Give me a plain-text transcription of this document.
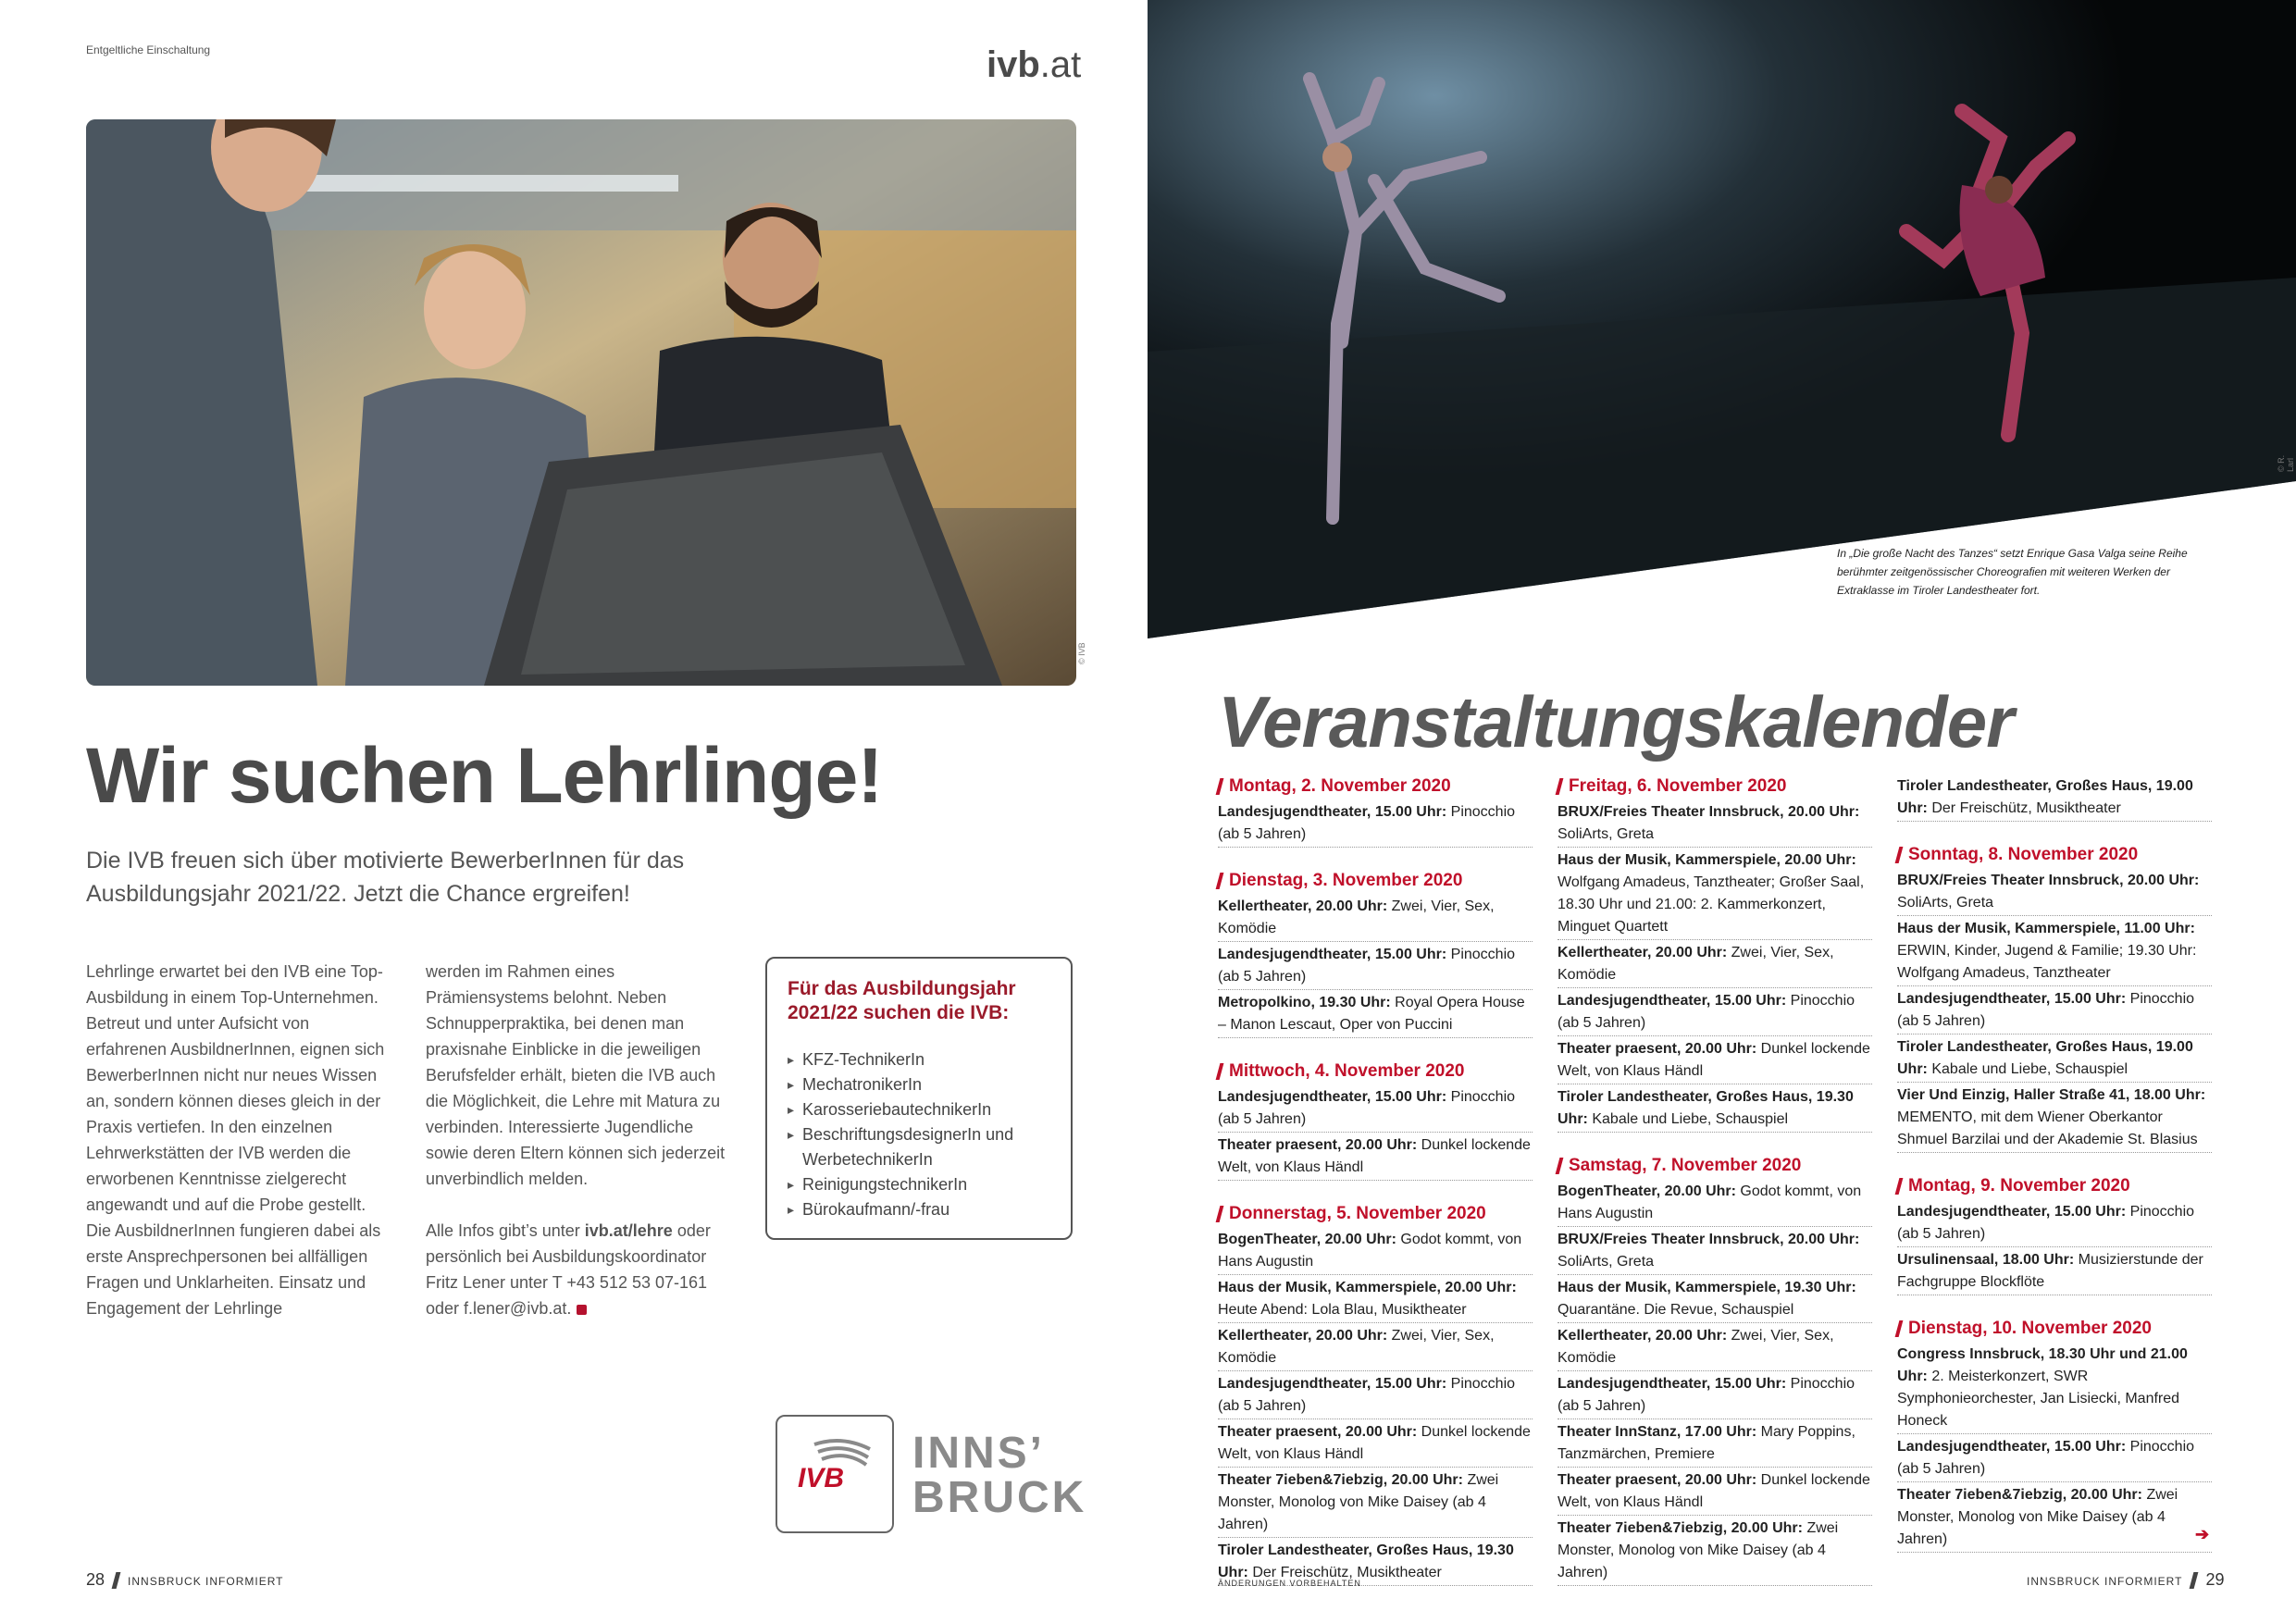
Entgeltliche Einschaltung	ivb.at
© IVB
Wir suchen Lehrlinge!
Die IVB freuen sich über motivierte BewerberInnen für das Ausbildungsjahr 2021/22. Jetzt die Chance ergreifen!

Lehrlinge erwartet bei den IVB eine Top-Ausbildung in einem Top-Unternehmen. Betreut und unter Aufsicht von erfahrenen AusbildnerInnen, eignen sich BewerberInnen nicht nur neues Wissen an, sondern können dieses gleich in der Praxis vertiefen. In den einzelnen Lehrwerkstätten der IVB werden die erworbenen Kenntnisse zielgerecht angewandt und auf die Probe gestellt. Die AusbildnerInnen fungieren dabei als erste Ansprechpersonen bei allfälligen Fragen und Unklarheiten. Einsatz und Engagement der Lehrlinge

werden im Rahmen eines Prämiensystems belohnt. Neben Schnupperpraktika, bei denen man praxisnahe Einblicke in die jeweiligen Berufsfelder erhält, bieten die IVB auch die Möglichkeit, die Lehre mit Matura zu verbinden. Interessierte Jugendliche sowie deren Eltern können sich jederzeit unverbindlich melden.

Alle Infos gibt’s unter ivb.at/lehre oder persönlich bei Ausbildungskoordinator Fritz Lener unter T +43 512 53 07-161 oder f.lener@ivb.at.

Für das Ausbildungsjahr 2021/22 suchen die IVB:
▸ KFZ-TechnikerIn
▸ MechatronikerIn
▸ KarosseriebautechnikerIn
▸ BeschriftungsdesignerIn und WerbetechnikerIn
▸ ReinigungstechnikerIn
▸ Bürokaufmann/-frau
IVB
INNS’
BRUCK
28 INNSBRUCK INFORMIERT
© R. Larl
In „Die große Nacht des Tanzes“ setzt Enrique Gasa Valga seine Reihe berühmter zeitgenössischer Choreografien mit weiteren Werken der Extraklasse im Tiroler Landestheater fort.
Veranstaltungskalender
Montag, 2. November 2020
Landesjugendtheater, 15.00 Uhr: Pinocchio (ab 5 Jahren)
Dienstag, 3. November 2020
Kellertheater, 20.00 Uhr: Zwei, Vier, Sex, Komödie
Landesjugendtheater, 15.00 Uhr: Pinocchio (ab 5 Jahren)
Metropolkino, 19.30 Uhr: Royal Opera House – Manon Lescaut, Oper von Puccini
Mittwoch, 4. November 2020
Landesjugendtheater, 15.00 Uhr: Pinocchio (ab 5 Jahren)
Theater praesent, 20.00 Uhr: Dunkel lockende Welt, von Klaus Händl
Donnerstag, 5. November 2020
BogenTheater, 20.00 Uhr: Godot kommt, von Hans Augustin
Haus der Musik, Kammerspiele, 20.00 Uhr: Heute Abend: Lola Blau, Musiktheater
Kellertheater, 20.00 Uhr: Zwei, Vier, Sex, Komödie
Landesjugendtheater, 15.00 Uhr: Pinocchio (ab 5 Jahren)
Theater praesent, 20.00 Uhr: Dunkel lockende Welt, von Klaus Händl
Theater 7ieben&7iebzig, 20.00 Uhr: Zwei Monster, Monolog von Mike Daisey (ab 4 Jahren)
Tiroler Landestheater, Großes Haus, 19.30 Uhr: Der Freischütz, Musiktheater
Freitag, 6. November 2020
BRUX/Freies Theater Innsbruck, 20.00 Uhr: SoliArts, Greta
Haus der Musik, Kammerspiele, 20.00 Uhr: Wolfgang Amadeus, Tanztheater; Großer Saal, 18.30 Uhr und 21.00: 2. Kammerkonzert, Minguet Quartett
Kellertheater, 20.00 Uhr: Zwei, Vier, Sex, Komödie
Landesjugendtheater, 15.00 Uhr: Pinocchio (ab 5 Jahren)
Theater praesent, 20.00 Uhr: Dunkel lockende Welt, von Klaus Händl
Tiroler Landestheater, Großes Haus, 19.30 Uhr: Kabale und Liebe, Schauspiel
Samstag, 7. November 2020
BogenTheater, 20.00 Uhr: Godot kommt, von Hans Augustin
BRUX/Freies Theater Innsbruck, 20.00 Uhr: SoliArts, Greta
Haus der Musik, Kammerspiele, 19.30 Uhr: Quarantäne. Die Revue, Schauspiel
Kellertheater, 20.00 Uhr: Zwei, Vier, Sex, Komödie
Landesjugendtheater, 15.00 Uhr: Pinocchio (ab 5 Jahren)
Theater InnStanz, 17.00 Uhr: Mary Poppins, Tanzmärchen, Premiere
Theater praesent, 20.00 Uhr: Dunkel lockende Welt, von Klaus Händl
Theater 7ieben&7iebzig, 20.00 Uhr: Zwei Monster, Monolog von Mike Daisey (ab 4 Jahren)
Tiroler Landestheater, Großes Haus, 19.00 Uhr: Der Freischütz, Musiktheater
Sonntag, 8. November 2020
BRUX/Freies Theater Innsbruck, 20.00 Uhr: SoliArts, Greta
Haus der Musik, Kammerspiele, 11.00 Uhr: ERWIN, Kinder, Jugend & Familie; 19.30 Uhr: Wolfgang Amadeus, Tanztheater
Landesjugendtheater, 15.00 Uhr: Pinocchio (ab 5 Jahren)
Tiroler Landestheater, Großes Haus, 19.00 Uhr: Kabale und Liebe, Schauspiel
Vier Und Einzig, Haller Straße 41, 18.00 Uhr: MEMENTO, mit dem Wiener Oberkantor Shmuel Barzilai und der Akademie St. Blasius
Montag, 9. November 2020
Landesjugendtheater, 15.00 Uhr: Pinocchio (ab 5 Jahren)
Ursulinensaal, 18.00 Uhr: Musizierstunde der Fachgruppe Blockflöte
Dienstag, 10. November 2020
Congress Innsbruck, 18.30 Uhr und 21.00 Uhr: 2. Meisterkonzert, SWR Symphonieorchester, Jan Lisiecki, Manfred Honeck
Landesjugendtheater, 15.00 Uhr: Pinocchio (ab 5 Jahren)
Theater 7ieben&7iebzig, 20.00 Uhr: Zwei Monster, Monolog von Mike Daisey (ab 4 Jahren)	➔
ÄNDERUNGEN VORBEHALTEN	INNSBRUCK INFORMIERT 29
